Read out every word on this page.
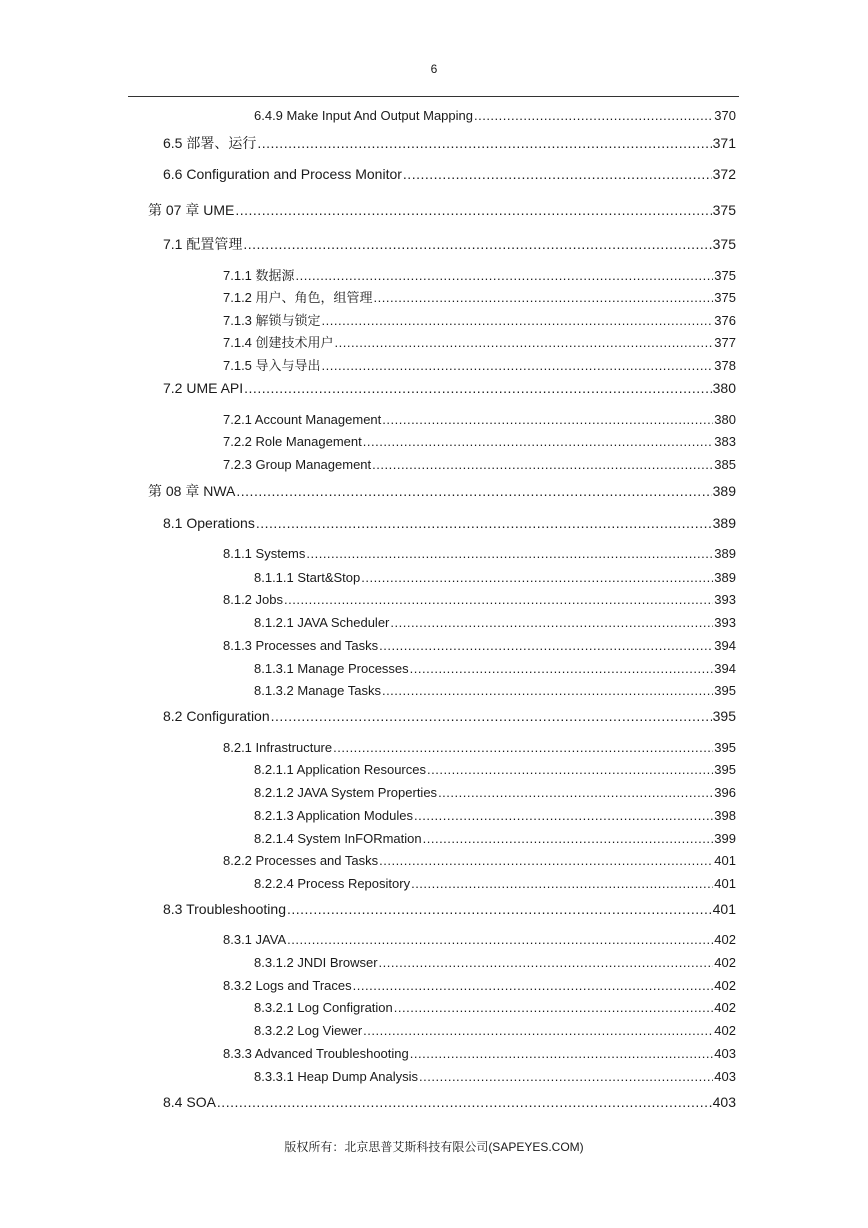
6
6.4.9 Make Input And Output Mapping .....	370
6.5 部署、运行 .....	371
6.6 Configuration and Process Monitor .....	372
第 07 章 UME .....	375
7.1 配置管理 .....	375
7.1.1 数据源 .....	375
7.1.2 用户、角色，组管理 .....	375
7.1.3 解锁与锁定 .....	376
7.1.4 创建技术用户 .....	377
7.1.5 导入与导出 .....	378
7.2 UME API .....	380
7.2.1 Account Management .....	380
7.2.2 Role Management .....	383
7.2.3 Group Management .....	385
第 08 章 NWA .....	389
8.1 Operations .....	389
8.1.1 Systems .....	389
8.1.1.1 Start&Stop .....	389
8.1.2 Jobs .....	393
8.1.2.1 JAVA Scheduler .....	393
8.1.3 Processes and Tasks .....	394
8.1.3.1 Manage Processes .....	394
8.1.3.2 Manage Tasks .....	395
8.2 Configuration .....	395
8.2.1 Infrastructure .....	395
8.2.1.1 Application Resources .....	395
8.2.1.2 JAVA System Properties .....	396
8.2.1.3 Application Modules .....	398
8.2.1.4 System InFORmation .....	399
8.2.2 Processes and Tasks .....	401
8.2.2.4 Process Repository .....	401
8.3 Troubleshooting .....	401
8.3.1 JAVA .....	402
8.3.1.2 JNDI Browser .....	402
8.3.2 Logs and Traces .....	402
8.3.2.1 Log Configration .....	402
8.3.2.2 Log Viewer .....	402
8.3.3 Advanced Troubleshooting .....	403
8.3.3.1 Heap Dump Analysis .....	403
8.4 SOA .....	403
版权所有：北京思普艾斯科技有限公司(SAPEYES.COM)
